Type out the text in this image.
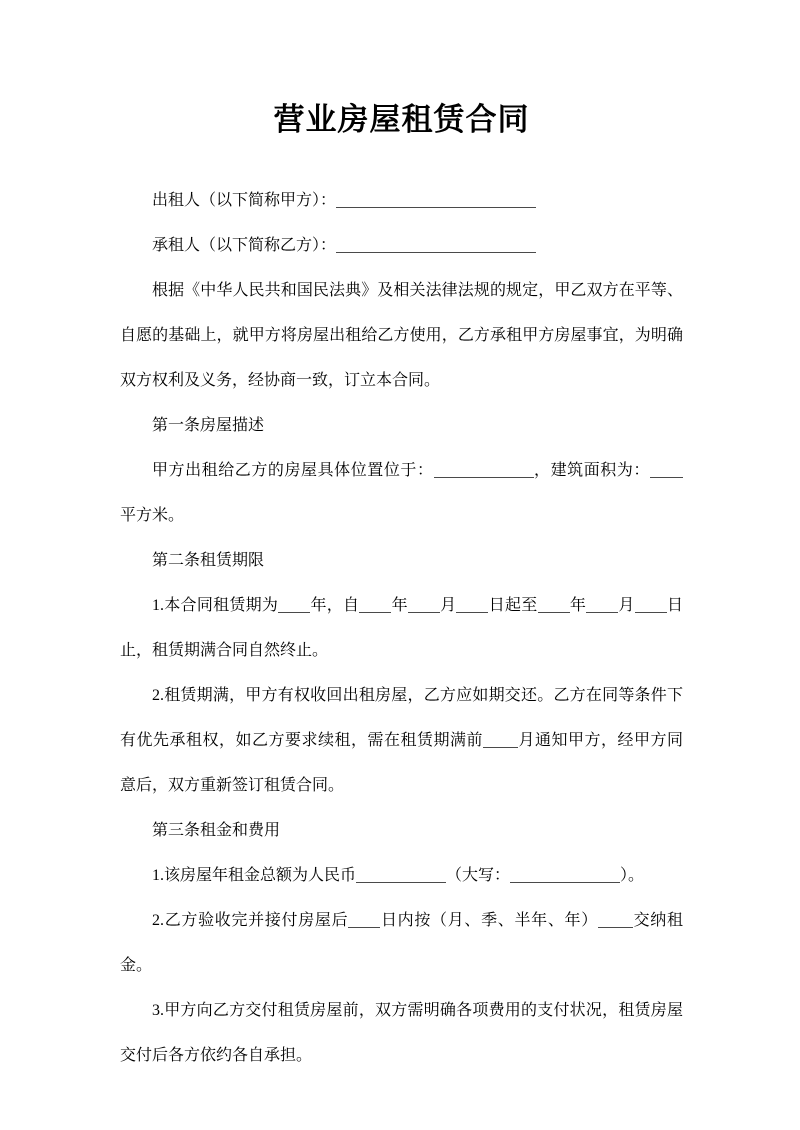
营业房屋租赁合同

出租人（以下简称甲方）：

承租人（以下简称乙方）：

根据《中华人民共和国民法典》及相关法律法规的规定，甲乙双方在平等、自愿的基础上，就甲方将房屋出租给乙方使用，乙方承租甲方房屋事宜，为明确双方权利及义务，经协商一致，订立本合同。

第一条房屋描述

甲方出租给乙方的房屋具体位置位于：	，建筑面积为：平方米。

第二条租赁期限

1.本合同租赁期为 年，自 年 月 日起至 年 月 日止，租赁期满合同自然终止。

2.租赁期满，甲方有权收回出租房屋，乙方应如期交还。乙方在同等条件下有优先承租权，如乙方要求续租，需在租赁期满前 月通知甲方，经甲方同意后，双方重新签订租赁合同。

第三条租金和费用

1.该房屋年租金总额为人民币	（大写：	）。

2.乙方验收完并接付房屋后 日内按（月、季、半年、年） 交纳租金。

3.甲方向乙方交付租赁房屋前，双方需明确各项费用的支付状况，租赁房屋交付后各方依约各自承担。
